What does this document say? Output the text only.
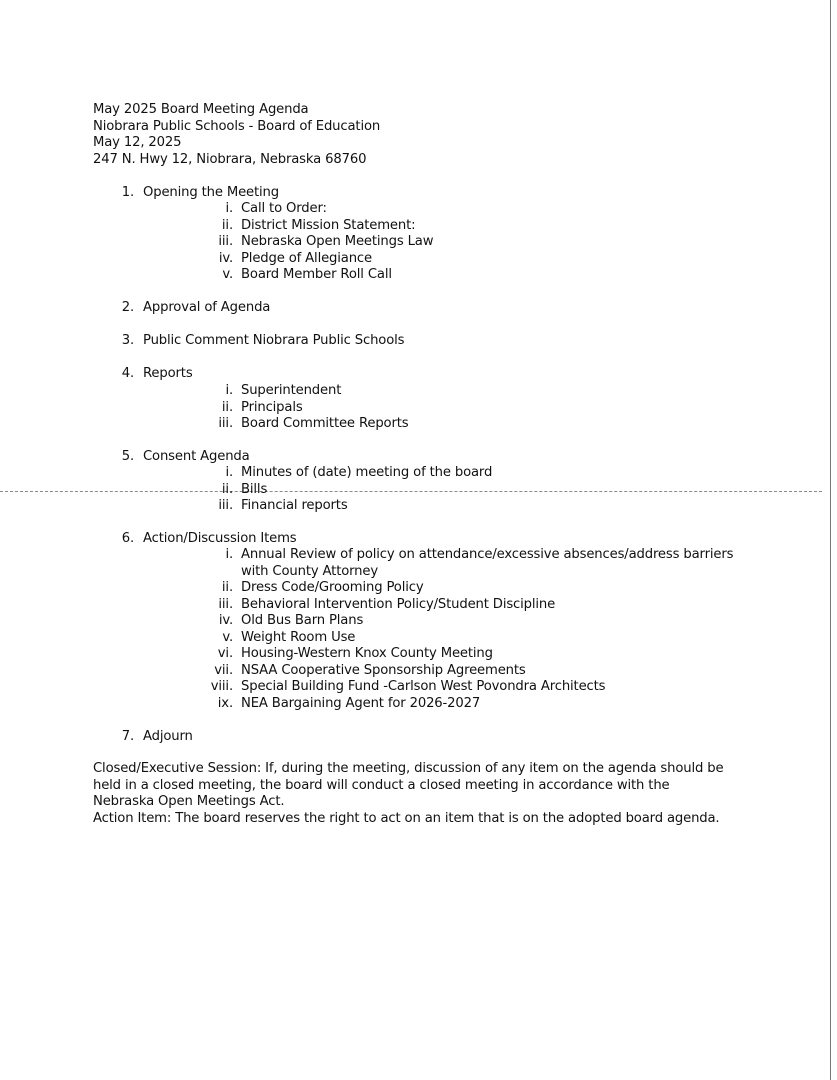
May 2025 Board Meeting Agenda
Niobrara Public Schools - Board of Education
May 12, 2025
247 N. Hwy 12, Niobrara, Nebraska 68760
1. Opening the Meeting
i. Call to Order:
ii. District Mission Statement:
iii. Nebraska Open Meetings Law
iv. Pledge of Allegiance
v. Board Member Roll Call
2. Approval of Agenda
3. Public Comment Niobrara Public Schools
4. Reports
i. Superintendent
ii. Principals
iii. Board Committee Reports
5. Consent Agenda
i. Minutes of (date) meeting of the board
ii. Bills
iii. Financial reports
6. Action/Discussion Items
i. Annual Review of policy on attendance/excessive absences/address barriers with County Attorney
ii. Dress Code/Grooming Policy
iii. Behavioral Intervention Policy/Student Discipline
iv. Old Bus Barn Plans
v. Weight Room Use
vi. Housing-Western Knox County Meeting
vii. NSAA Cooperative Sponsorship Agreements
viii. Special Building Fund -Carlson West Povondra Architects
ix. NEA Bargaining Agent for 2026-2027
7. Adjourn

Closed/Executive Session: If, during the meeting, discussion of any item on the agenda should be held in a closed meeting, the board will conduct a closed meeting in accordance with the Nebraska Open Meetings Act.

Action Item: The board reserves the right to act on an item that is on the adopted board agenda.
